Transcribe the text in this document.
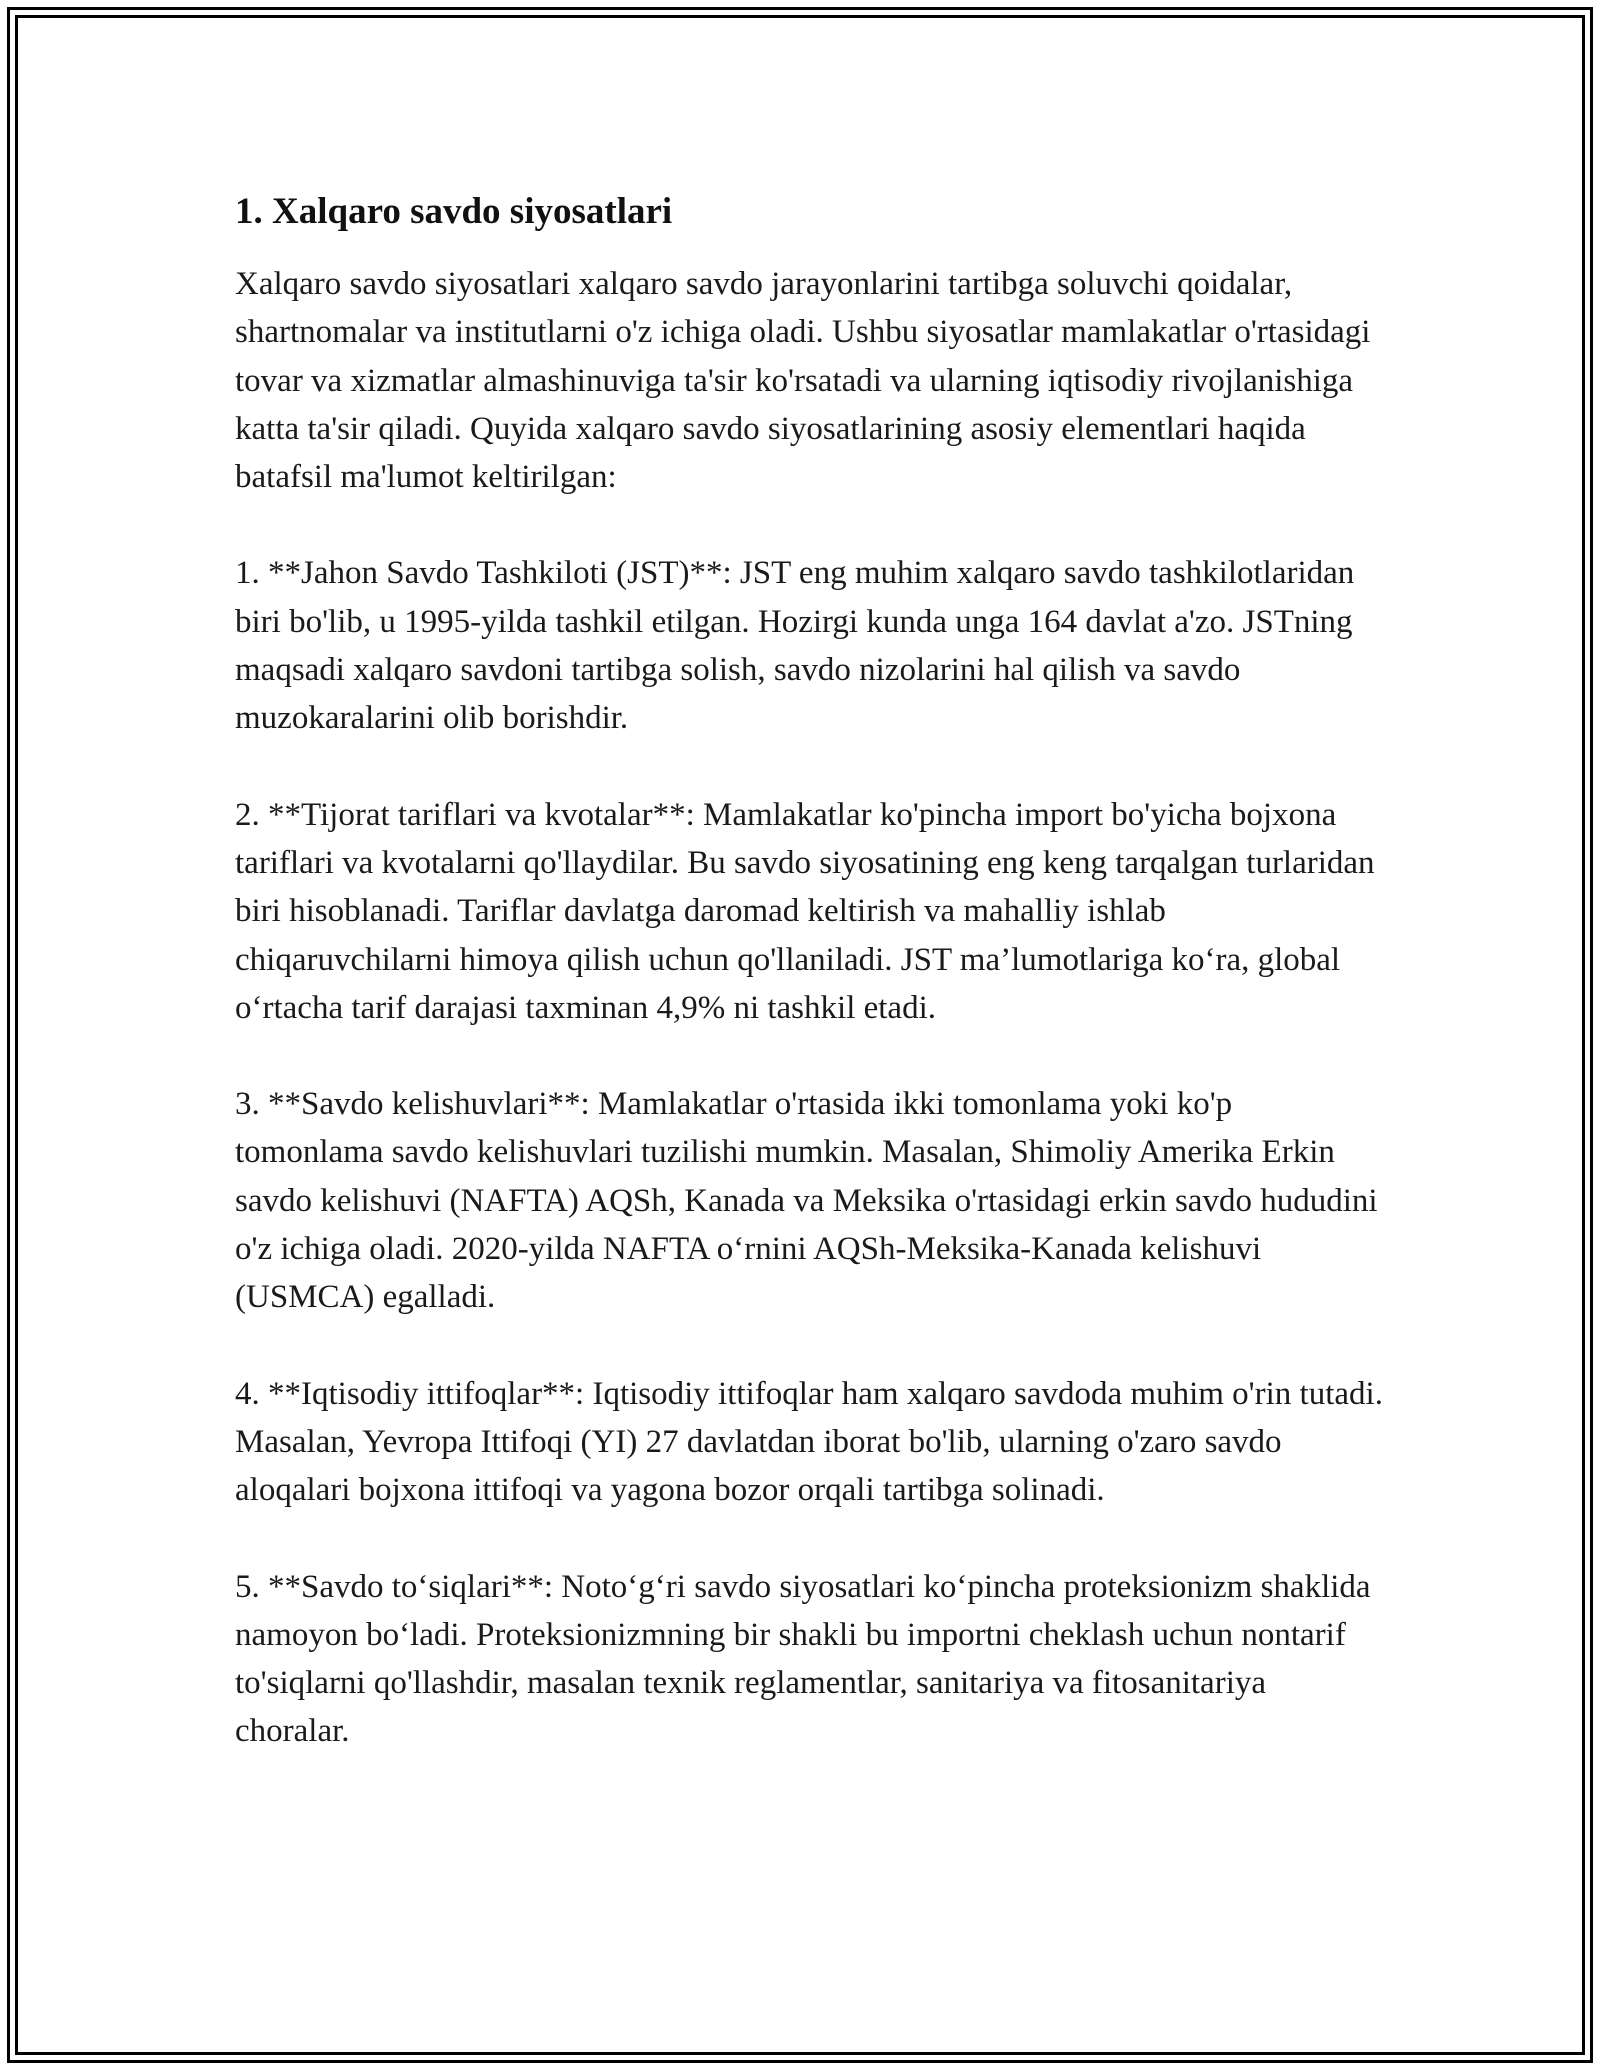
1. Xalqaro savdo siyosatlari

Xalqaro savdo siyosatlari xalqaro savdo jarayonlarini tartibga soluvchi qoidalar, shartnomalar va institutlarni o'z ichiga oladi. Ushbu siyosatlar mamlakatlar o'rtasidagi tovar va xizmatlar almashinuviga ta'sir ko'rsatadi va ularning iqtisodiy rivojlanishiga katta ta'sir qiladi. Quyida xalqaro savdo siyosatlarining asosiy elementlari haqida batafsil ma'lumot keltirilgan:

1. **Jahon Savdo Tashkiloti (JST)**: JST eng muhim xalqaro savdo tashkilotlaridan biri bo'lib, u 1995-yilda tashkil etilgan. Hozirgi kunda unga 164 davlat a'zo. JSTning maqsadi xalqaro savdoni tartibga solish, savdo nizolarini hal qilish va savdo muzokaralarini olib borishdir.

2. **Tijorat tariflari va kvotalar**: Mamlakatlar ko'pincha import bo'yicha bojxona tariflari va kvotalarni qo'llaydilar. Bu savdo siyosatining eng keng tarqalgan turlaridan biri hisoblanadi. Tariflar davlatga daromad keltirish va mahalliy ishlab chiqaruvchilarni himoya qilish uchun qo'llaniladi. JST ma’lumotlariga ko‘ra, global o‘rtacha tarif darajasi taxminan 4,9% ni tashkil etadi.

3. **Savdo kelishuvlari**: Mamlakatlar o'rtasida ikki tomonlama yoki ko'p tomonlama savdo kelishuvlari tuzilishi mumkin. Masalan, Shimoliy Amerika Erkin savdo kelishuvi (NAFTA) AQSh, Kanada va Meksika o'rtasidagi erkin savdo hududini o'z ichiga oladi. 2020-yilda NAFTA o‘rnini AQSh-Meksika-Kanada kelishuvi (USMCA) egalladi.

4. **Iqtisodiy ittifoqlar**: Iqtisodiy ittifoqlar ham xalqaro savdoda muhim o'rin tutadi. Masalan, Yevropa Ittifoqi (YI) 27 davlatdan iborat bo'lib, ularning o'zaro savdo aloqalari bojxona ittifoqi va yagona bozor orqali tartibga solinadi.

5. **Savdo to‘siqlari**: Noto‘g‘ri savdo siyosatlari ko‘pincha proteksionizm shaklida namoyon bo‘ladi. Proteksionizmning bir shakli bu importni cheklash uchun nontarif to'siqlarni qo'llashdir, masalan texnik reglamentlar, sanitariya va fitosanitariya choralar.
